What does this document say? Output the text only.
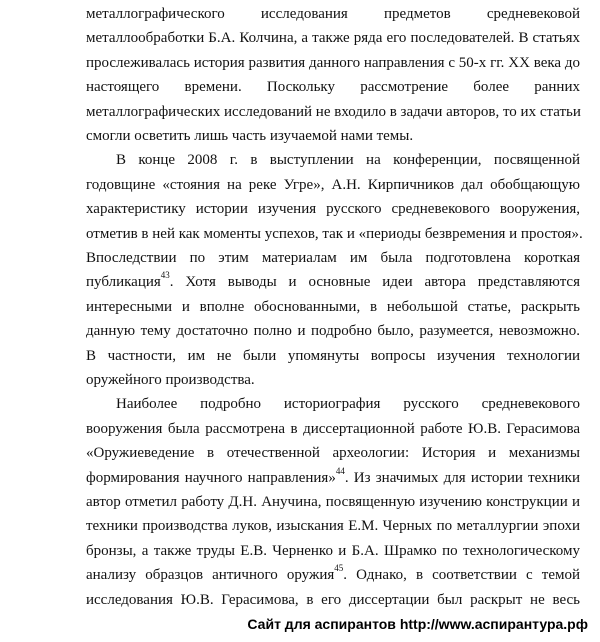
металлографического исследования предметов средневековой
металлообработки Б.А. Колчина, а также ряда его последователей. В статьях
прослеживалась история развития данного направления с 50-х гг. XX века до
настоящего времени. Поскольку рассмотрение более ранних
металлографических исследований не входило в задачи авторов, то их статьи
смогли осветить лишь часть изучаемой нами темы.
В конце 2008 г. в выступлении на конференции, посвященной
годовщине «стояния на реке Угре», А.Н. Кирпичников дал обобщающую
характеристику истории изучения русского средневекового вооружения,
отметив в ней как моменты успехов, так и «периоды безвремения и простоя».
Впоследствии по этим материалам им была подготовлена короткая
публикация$^{43}$. Хотя выводы и основные идеи автора представляются
интересными и вполне обоснованными, в небольшой статье, раскрыть
данную тему достаточно полно и подробно было, разумеется, невозможно.
В частности, им не были упомянуты вопросы изучения технологии
оружейного производства.
Наиболее подробно историография русского средневекового
вооружения была рассмотрена в диссертационной работе Ю.В. Герасимова
«Оружиеведение в отечественной археологии: История и механизмы
формирования научного направления»$^{44}$. Из значимых для истории техники
автор отметил работу Д.Н. Анучина, посвященную изучению конструкции и
техники производства луков, изыскания Е.М. Черных по металлургии эпохи
бронзы, а также труды Е.В. Черненко и Б.А. Шрамко по технологическому
анализу образцов античного оружия$^{45}$. Однако, в соответствии с темой
исследования Ю.В. Герасимова, в его диссертации был раскрыт не весь
Сайт для аспирантов http://www.аспирантура.рф
